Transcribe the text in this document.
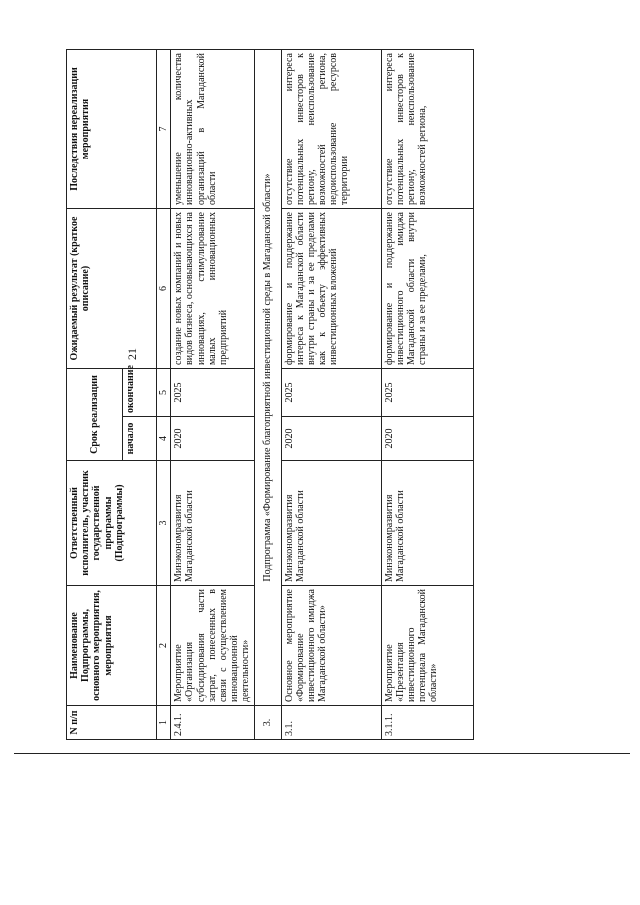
21
N п/п	Наименование Подпрограммы, основного мероприятия, мероприятия	Ответственный исполнитель, участник государственной программы (Подпрограммы)	Срок реализации		Ожидаемый результат (краткое описание)	Последствия нереализации мероприятия
			начало	окончание		
1	2	3	4	5	6	7
2.4.1.	Мероприятие «Организация субсидирования части затрат, понесенных в связи с осуществлением инновационной деятельности»	Минэкономразвития Магаданской области	2020	2025	создание новых компаний и новых видов бизнеса, основывающихся на инновациях, стимулирование малых инновационных предприятий	уменьшение количества инновационно-активных организаций в Магаданской области
3.	Подпрограмма «Формирование благоприятной инвестиционной среды в Магаданской области»					
3.1.	Основное мероприятие «Формирование инвестиционного имиджа Магаданской области»	Минэкономразвития Магаданской области	2020	2025	формирование и поддержание интереса к Магаданской области внутри страны и за ее пределами как к объекту эффективных инвестиционных вложений	отсутствие интереса потенциальных инвесторов к региону, неиспользование возможностей региона, недоиспользование ресурсов территории
3.1.1.	Мероприятие «Презентация инвестиционного потенциала Магаданской области»	Минэкономразвития Магаданской области	2020	2025	формирование и поддержание инвестиционного имиджа Магаданской области внутри страны и за ее пределами,	отсутствие интереса потенциальных инвесторов к региону, неиспользование возможностей региона,
